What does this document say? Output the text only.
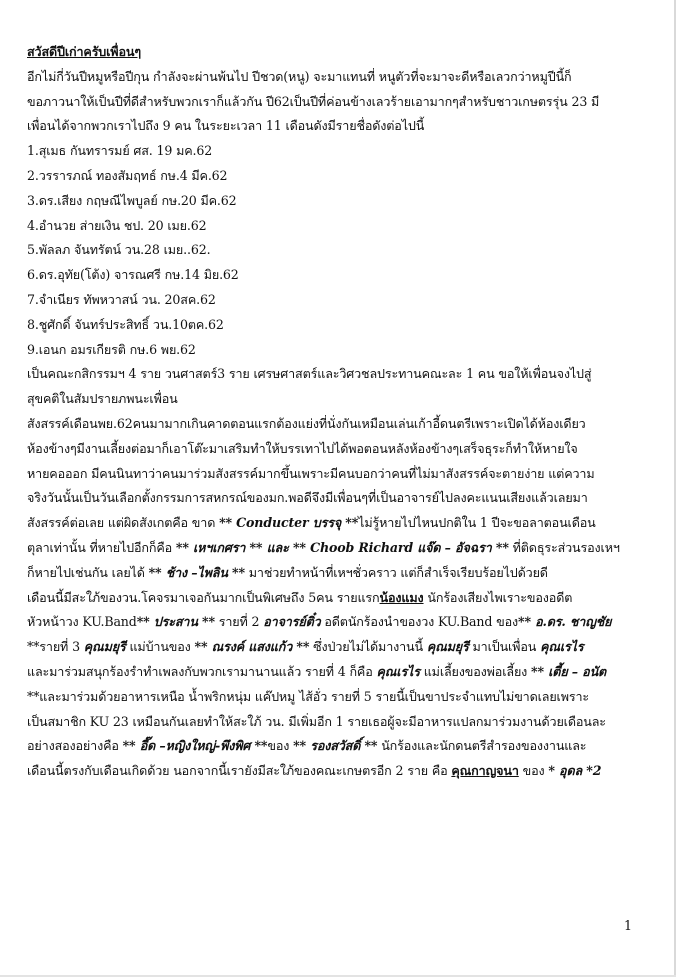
สวัสดีปีเก่าครับเพื่อนๆ

อีกไม่กี่วันปีหมูหรือปีกุน กำลังจะผ่านพ้นไป ปีชวด(หนู) จะมาแทนที่ หนูตัวที่จะมาจะดีหรือเลวกว่าหมูปีนี้ก็

ขอภาวนาให้เป็นปีที่ดีสำหรับพวกเราก็แล้วกัน ปี62เป็นปีที่ค่อนข้างเลวร้ายเอามากๆสำหรับชาวเกษตรรุ่น 23 มี

เพื่อนได้จากพวกเราไปถึง 9 คน ในระยะเวลา 11 เดือนดังมีรายชื่อดังต่อไปนี้

1.สุเมธ กันทรารมย์ ศส. 19 มค.62

2.วรรารภณ์ ทองสัมฤทธ์ กษ.4 มีค.62

3.ดร.เสียง กฤษณีไพบูลย์ กษ.20 มีค.62

4.อำนวย ส่ายเงิน ชป. 20 เมย.62

5.พัลลภ จันทรัตน์ วน.28 เมย..62.

6.ดร.อุทัย(โต้ง) จารณศรี กษ.14 มิย.62

7.จำเนียร ทัพหวาสน์ วน. 20สค.62

8.ชูศักดิ์ จันทร์ประสิทธิ์ วน.10ตค.62

9.เอนก อมรเกียรติ กษ.6 พย.62

เป็นคณะกสิกรรมฯ 4 ราย วนศาสตร์3 ราย เศรษศาสตร์และวิศวชลประทานคณะละ 1 คน ขอให้เพื่อนจงไปสู่

สุขคติในสัมปรายภพนะเพื่อน

สังสรรค์เดือนพย.62คนมามากเกินคาดตอนแรกต้องแย่งที่นั่งกันเหมือนเล่นเก้าอี้ดนตรีเพราะเปิดได้ห้องเดียว

ห้องข้างๆมีงานเลี้ยงต่อมาก็เอาโต๊ะมาเสริมทำให้บรรเทาไปได้พอตอนหลังห้องข้างๆเสร็จธุระก็ทำให้หายใจ

หายคอออก มีคนนินทาว่าคนมาร่วมสังสรรค์มากขึ้นเพราะมีคนบอกว่าคนที่ไม่มาสังสรรค์จะตายง่าย แต่ความ

จริงวันนั้นเป็นวันเลือกตั้งกรรมการสหกรณ์ของมก.พอดีจึงมีเพื่อนๆที่เป็นอาจารย์ไปลงคะแนนเสียงแล้วเลยมา

สังสรรค์ต่อเลย แต่ผิดสังเกตคือ ขาด ** Conducter บรรจุ **ไม่รู้หายไปไหนปกติใน 1 ปีจะขอลาตอนเดือน

ตุลาเท่านั้น ที่หายไปอีกก็คือ ** เหฯเกศรา ** และ ** Choob Richard แจ๊ด – อัจฉรา ** ที่ติดธุระส่วนรองเหฯ

ก็หายไปเช่นกัน เลยได้ ** ช้าง –ไพลิน ** มาช่วยทำหน้าที่เหฯชั่วคราว แต่ก็สำเร็จเรียบร้อยไปด้วยดี

เดือนนี้มีสะใภ้ของวน.โคจรมาเจอกันมากเป็นพิเศษถึง 5คน รายแรกน้องแมง นักร้องเสียงไพเราะของอดีต

หัวหน้าวง KU.Band** ประสาน ** รายที่ 2 อาจารย์ติ๋ว อดีตนักร้องนำของวง KU.Band ของ** อ.ดร. ชาญชัย

**รายที่ 3 คุณมยุรี แม่บ้านของ ** ณรงค์ แสงแก้ว ** ซึ่งป่วยไม่ได้มางานนี้ คุณมยุรี มาเป็นเพื่อน คุณเรไร

และมาร่วมสนุกร้องรำทำเพลงกับพวกเรามานานแล้ว รายที่ 4 ก็คือ คุณเรไร แม่เลี้ยงของพ่อเลี้ยง ** เตี้ย – อนัต

**และมาร่วมด้วยอาหารเหนือ น้ำพริกหนุ่ม แค๊ปหมู ไส้อั่ว รายที่ 5 รายนี้เป็นขาประจำแทบไม่ขาดเลยเพราะ

เป็นสมาชิก KU 23 เหมือนกันเลยทำให้สะใภ้ วน. มีเพิ่มอีก 1 รายเธอผู้จะมีอาหารแปลกมาร่วมงานด้วยเดือนละ

อย่างสองอย่างคือ ** อี๊ด –หญิงใหญ่-พึงพิศ **ของ ** รองสวัสดิ์ ** นักร้องและนักดนตรีสำรองของงานและ

เดือนนี้ตรงกับเดือนเกิดด้วย นอกจากนี้เรายังมีสะใภ้ของคณะเกษตรอีก 2 ราย คือ คุณกาญจนา ของ * อุดล *2

1
